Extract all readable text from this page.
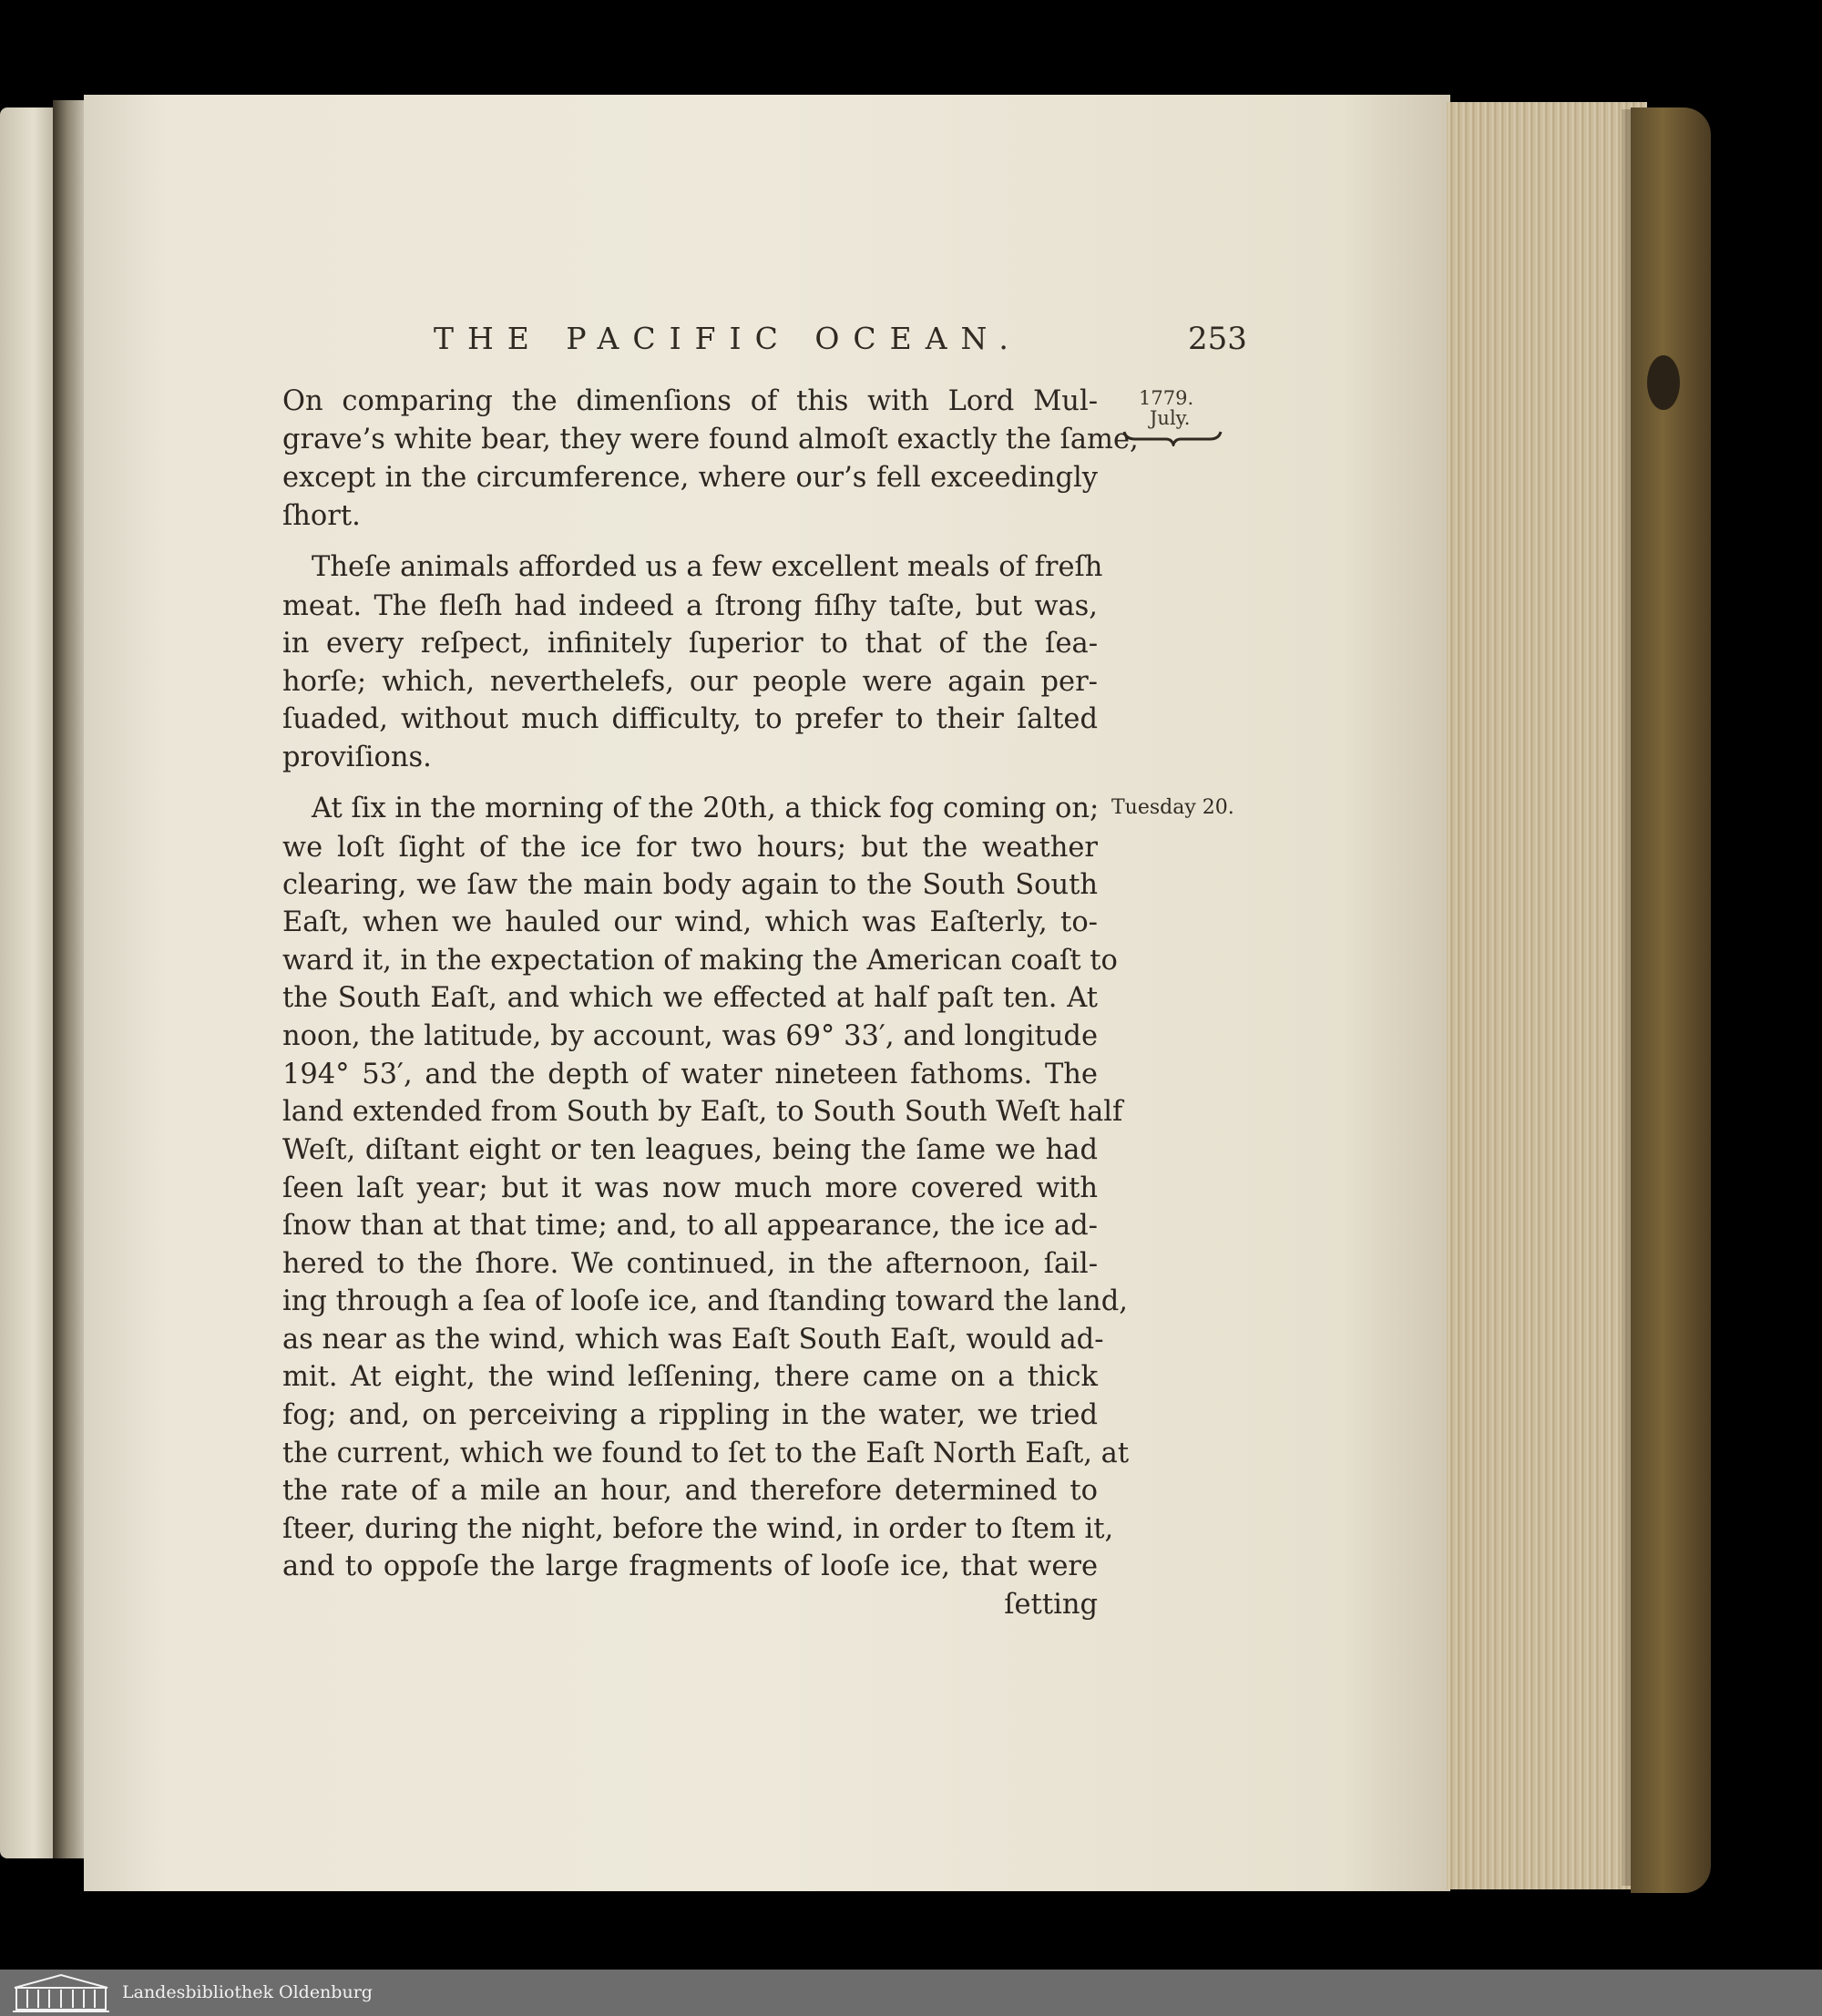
THE PACIFIC OCEAN.	253
1779.
July.
Tuesday 20.
On comparing the dimenſions of this with Lord Mul-
grave’s white bear, they were found almoſt exactly the ſame,
except in the circumference, where our’s fell exceedingly
ſhort.
Theſe animals afforded us a few excellent meals of freſh
meat. The fleſh had indeed a ſtrong fiſhy taſte, but was,
in every reſpect, infinitely ſuperior to that of the ſea-
horſe; which, neverthelefs, our people were again per-
ſuaded, without much difficulty, to prefer to their ſalted
proviſions.
At ſix in the morning of the 20th, a thick fog coming on;
we loſt ſight of the ice for two hours; but the weather
clearing, we ſaw the main body again to the South South
Eaſt, when we hauled our wind, which was Eaſterly, to-
ward it, in the expectation of making the American coaſt to
the South Eaſt, and which we effected at half paſt ten. At
noon, the latitude, by account, was 69° 33′, and longitude
194° 53′, and the depth of water nineteen fathoms. The
land extended from South by Eaſt, to South South Weſt half
Weſt, diſtant eight or ten leagues, being the ſame we had
ſeen laſt year; but it was now much more covered with
ſnow than at that time; and, to all appearance, the ice ad-
hered to the ſhore. We continued, in the afternoon, ſail-
ing through a ſea of looſe ice, and ſtanding toward the land,
as near as the wind, which was Eaſt South Eaſt, would ad-
mit. At eight, the wind leſſening, there came on a thick
fog; and, on perceiving a rippling in the water, we tried
the current, which we found to ſet to the Eaſt North Eaſt, at
the rate of a mile an hour, and therefore determined to
ſteer, during the night, before the wind, in order to ſtem it,
and to oppoſe the large fragments of looſe ice, that were
ſetting
Landesbibliothek Oldenburg
